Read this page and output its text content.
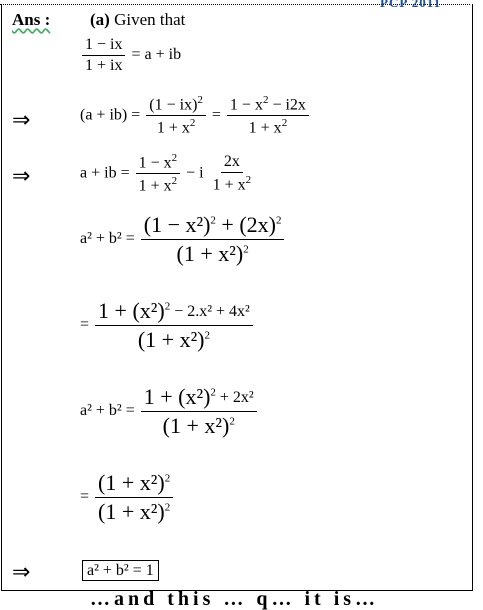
PCP 2011
Ans : (a) Given that
$\frac{1 - ix}{1 + ix} = a$ + ib
⇒	$(a + ib) = \frac{(1 - ix)^2}{1 + x^2} = \frac{1 - x^2 - i2x}{1 + x^2}$
⇒	a + ib = $\frac{1 - x^2}{1 + x^2} - i \frac{2x}{1 + x^2}$
$a^2 + b^2 = \frac{(1 - x^2)^2 + (2x)^2}{(1 + x^2)^2}$
= $\frac{1 + (x^2)^2 - 2.x^2 + 4x^2}{(1 + x^2)^2}$
$a^2 + b^2 = \frac{1 + (x^2)^2 + 2x^2}{(1 + x^2)^2}$
= $\frac{(1 + x^2)^2}{(1 + x^2)^2}$
⇒	a² + b² = 1
…and this … q… it is…
